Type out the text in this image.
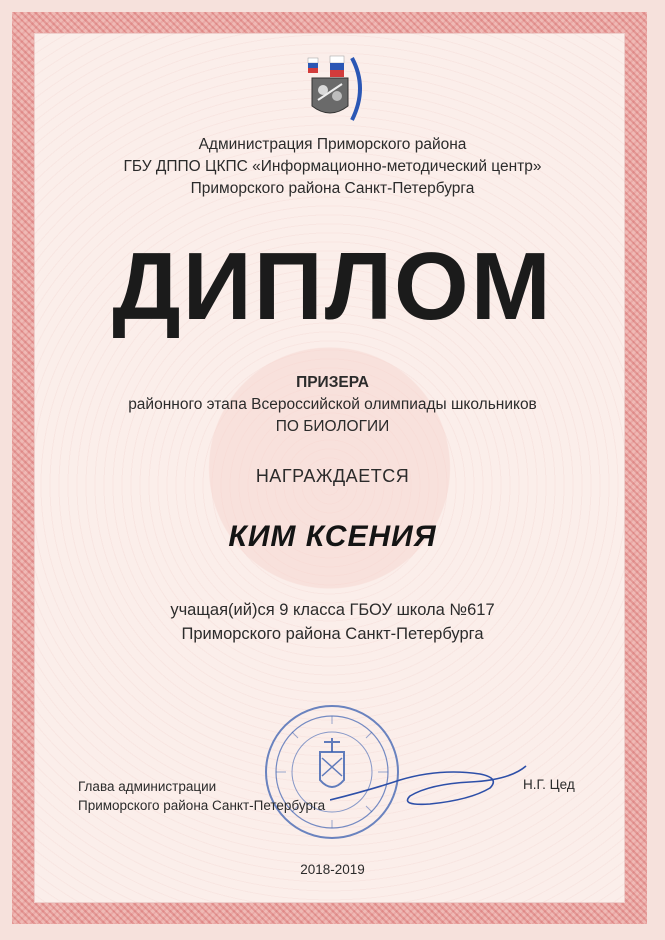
Администрация Приморского района
ГБУ ДППО ЦКПС «Информационно-методический центр»
Приморского района Санкт-Петербурга
ДИПЛОМ
ПРИЗЕРА
районного этапа Всероссийской олимпиады школьников
ПО БИОЛОГИИ
НАГРАЖДАЕТСЯ
КИМ КСЕНИЯ
учащая(ий)ся 9 класса ГБОУ школа №617
Приморского района Санкт-Петербурга
Глава администрации
Приморского района Санкт-Петербурга
Н.Г. Цед
2018-2019
